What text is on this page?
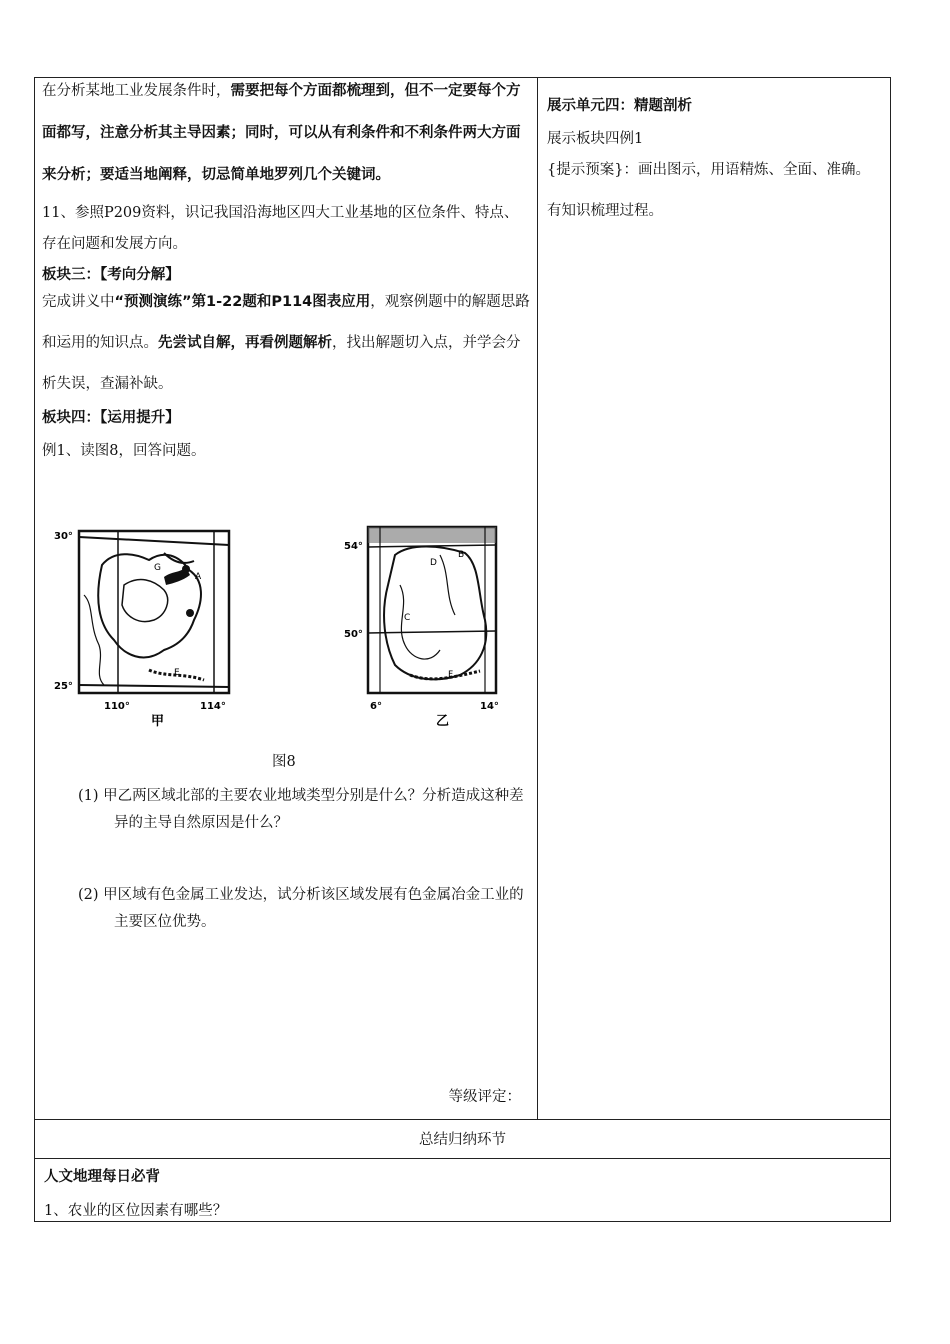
在分析某地工业发展条件时，需要把每个方面都梳理到，但不一定要每个方面都写，注意分析其主导因素；同时，可以从有利条件和不利条件两大方面来分析；要适当地阐释，切忌简单地罗列几个关键词。

11、参照P209资料，识记我国沿海地区四大工业基地的区位条件、特点、存在问题和发展方向。

板块三：【考向分解】

完成讲义中“预测演练”第1-22题和P114图表应用，观察例题中的解题思路和运用的知识点。先尝试自解，再看例题解析，找出解题切入点，并学会分析失误，查漏补缺。

板块四：【运用提升】

例1、读图8，回答问题。

G
A
E
30°
25°
110°	114°
甲
D
B
C
F
54°
50°
6°	14°
乙
图8

(1) 甲乙两区域北部的主要农业地域类型分别是什么？分析造成这种差异的主导自然原因是什么？

(2) 甲区域有色金属工业发达，试分析该区域发展有色金属冶金工业的主要区位优势。

等级评定：

展示单元四：精题剖析

展示板块四例1

{提示预案}：画出图示，用语精炼、全面、准确。有知识梳理过程。

总结归纳环节
人文地理每日必背
1、农业的区位因素有哪些？
